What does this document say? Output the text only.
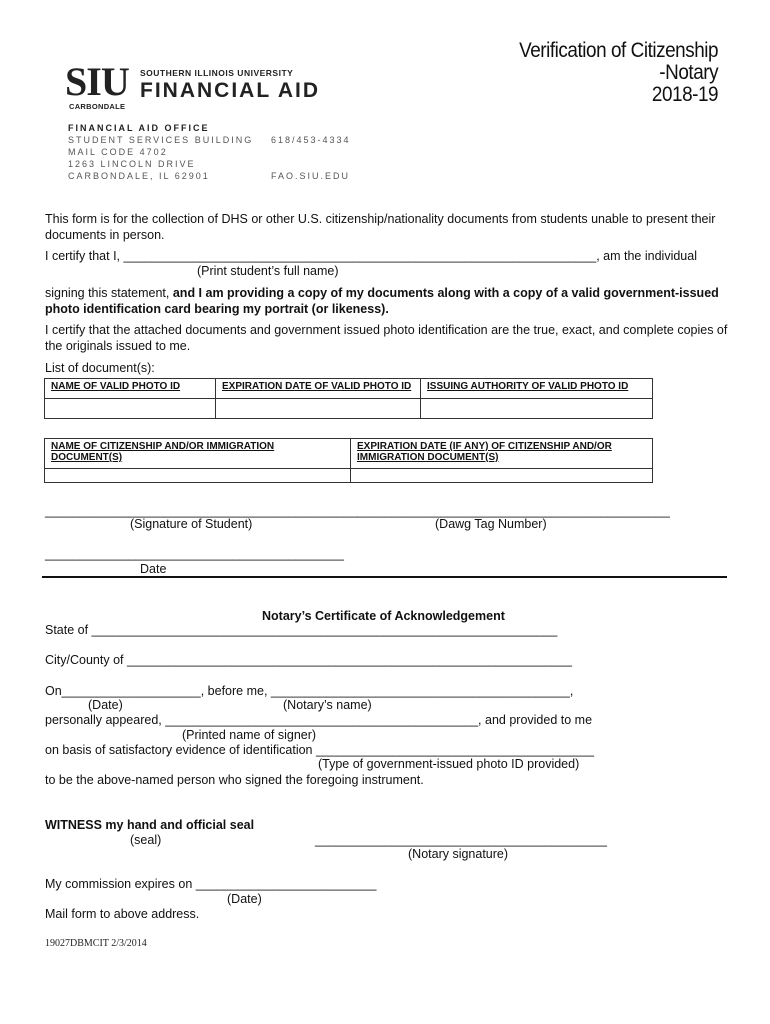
Verification of Citizenship
-Notary
2018-19
SIU SOUTHERN ILLINOIS UNIVERSITY
FINANCIAL AID
CARBONDALE
FINANCIAL AID OFFICE
STUDENT SERVICES BUILDING
MAIL CODE 4702
1263 LINCOLN DRIVE
CARBONDALE, IL 62901
618/453-4334
FAO.SIU.EDU
This form is for the collection of DHS or other U.S. citizenship/nationality documents from students unable to present their documents in person.
I certify that I, ____________________________________________________________________, am the individual
(Print student’s full name)
signing this statement, and I am providing a copy of my documents along with a copy of a valid government-issued photo identification card bearing my portrait (or likeness).
I certify that the attached documents and government issued photo identification are the true, exact, and complete copies of the originals issued to me.
List of document(s):
NAME OF VALID PHOTO ID	EXPIRATION DATE OF VALID PHOTO ID	ISSUING AUTHORITY OF VALID PHOTO ID

NAME OF CITIZENSHIP AND/OR IMMIGRATION DOCUMENT(S)	EXPIRATION DATE (IF ANY) OF CITIZENSHIP AND/OR IMMIGRATION DOCUMENT(S)

_____________________________________________ _____________________________________________
(Signature of Student)	(Dawg Tag Number)
___________________________________________
Date
Notary’s Certificate of Acknowledgement
State of ___________________________________________________________________
City/County of ________________________________________________________________
On____________________, before me, ___________________________________________,
(Date)	(Notary’s name)
personally appeared, _____________________________________________, and provided to me
(Printed name of signer)
on basis of satisfactory evidence of identification ________________________________________
(Type of government-issued photo ID provided)
to be the above-named person who signed the foregoing instrument.
WITNESS my hand and official seal
(seal)	__________________________________________
(Notary signature)
My commission expires on __________________________
(Date)
Mail form to above address.
19027DBMCIT 2/3/2014
